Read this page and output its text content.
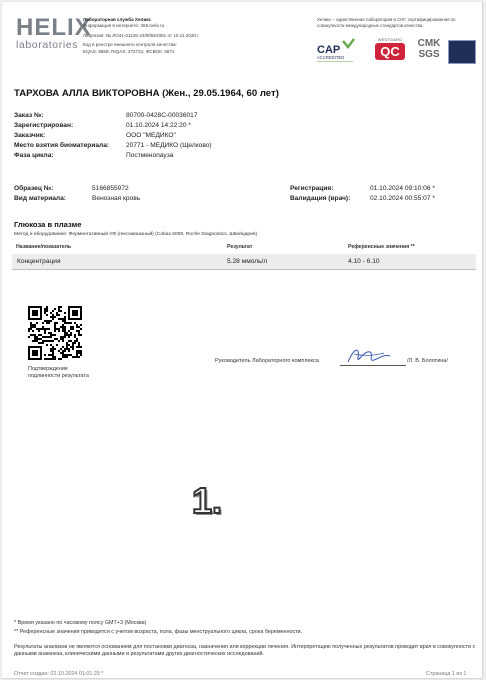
HELIX
laboratories
Лабораторная служба Хеликс
Информация в интернете: 365.helix.ru
Лицензия: № ЛО41-01126-23/00553381 от 10.11.2020 г.
Код в реестре внешнего контроля качества:
EQAS: 8659; RIQAS: 272731; ФСВОК: 5871
Хеликс – единственная лаборатория в СНГ, сертифицированная по совокупности международных стандартов качества:
CAP
ACCREDITED
WESTGARD
QC
CMK
SGS
ТАРХОВА АЛЛА ВИКТОРОВНА (Жен., 29.05.1964, 60 лет)
Заказ №:	80700-0428C-00036017
Зарегистрирован:	01.10.2024 14:22:20 *
Заказчик:	ООО "МЕДИКО"
Место взятия биоматериала:	20771 - МЕДИКО (Щелково)
Фаза цикла:	Постменопауза
Образец №:	5166855972
Вид материала:	Венозная кровь
Регистрация:	01.10.2024 09:10:06 *
Валидация (врач):	02.10.2024 00:55:07 *
Глюкоза в плазме
Метод и оборудование: Ферментативный УФ (гексокиназный) (Cobas 6000, Roche Diagnostics, Швейцария)
Название/показатель	Результат	Референсные значения **
Концентрация	5.28 ммоль/л	4.10 - 6.10
Подтверждение
подлинности результата
Руководитель Лабораторного комплекса	/Л. В. Болотина/
1.
* Время указано по часовому поясу GMT+3 (Москва)
** Референсные значения приводятся с учетом возраста, пола, фазы менструального цикла, срока беременности.
Результаты анализов не являются основанием для постановки диагноза, назначения или коррекции лечения. Интерпретацию полученных результатов проводит врач в совокупности с данными анамнеза, клиническими данными и результатами других диагностических исследований.
Отчет создан: 02.10.2024 01:01:29 *	Страница 1 из 1
